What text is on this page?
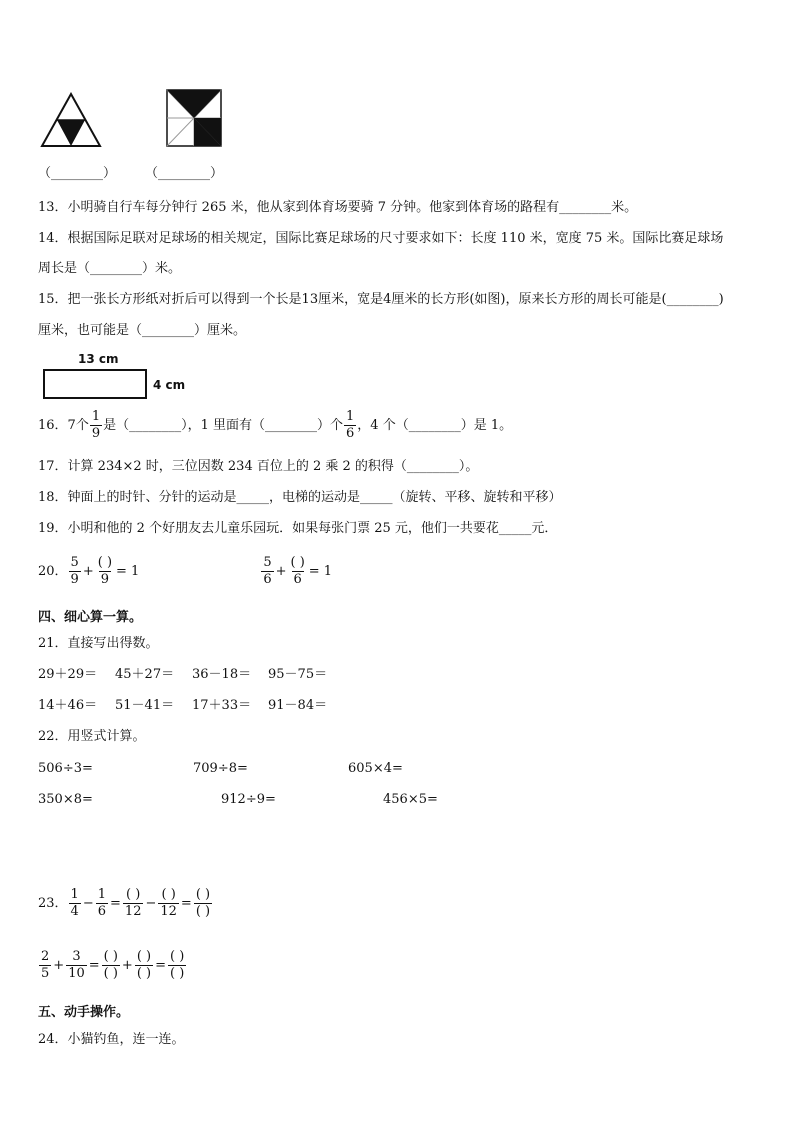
（________） （________）
13．小明骑自行车每分钟行 265 米，他从家到体育场要骑 7 分钟。他家到体育场的路程有________米。
14．根据国际足联对足球场的相关规定，国际比赛足球场的尺寸要求如下：长度 110 米，宽度 75 米。国际比赛足球场
周长是（________）米。
15．把一张长方形纸对折后可以得到一个长是13厘米，宽是4厘米的长方形(如图)，原来长方形的周长可能是(________)
厘米，也可能是（________）厘米。
13 cm
4 cm
16．7个 $\frac{1}{9}$ 是（________），1 里面有（________）个 $\frac{1}{6}$ ，4 个（________）是 1。
17．计算 234×2 时，三位因数 234 百位上的 2 乘 2 的积得（________）。
18．钟面上的时针、分针的运动是_____，电梯的运动是_____（旋转、平移、旋转和平移）
19．小明和他的 2 个好朋友去儿童乐园玩．如果每张门票 25 元，他们一共要花_____元．
20． $\frac{5}{9} + \frac{( )}{9} = 1$	$\frac{5}{6} + \frac{( )}{6} = 1$
四、细心算一算。
21．直接写出得数。
29＋29＝ 45＋27＝ 36－18＝ 95－75＝
14＋46＝ 51－41＝ 17＋33＝ 91－84＝
22．用竖式计算。
506÷3=	709÷8=	605×4=
350×8=	912÷9=	456×5=
23． $\frac{1}{4} - \frac{1}{6} = \frac{( )}{12} - \frac{( )}{12} = \frac{( )}{( )}$
$\frac{2}{5} + \frac{3}{10} = \frac{( )}{( )} + \frac{( )}{( )} = \frac{( )}{( )}$
五、动手操作。
24．小猫钓鱼，连一连。
